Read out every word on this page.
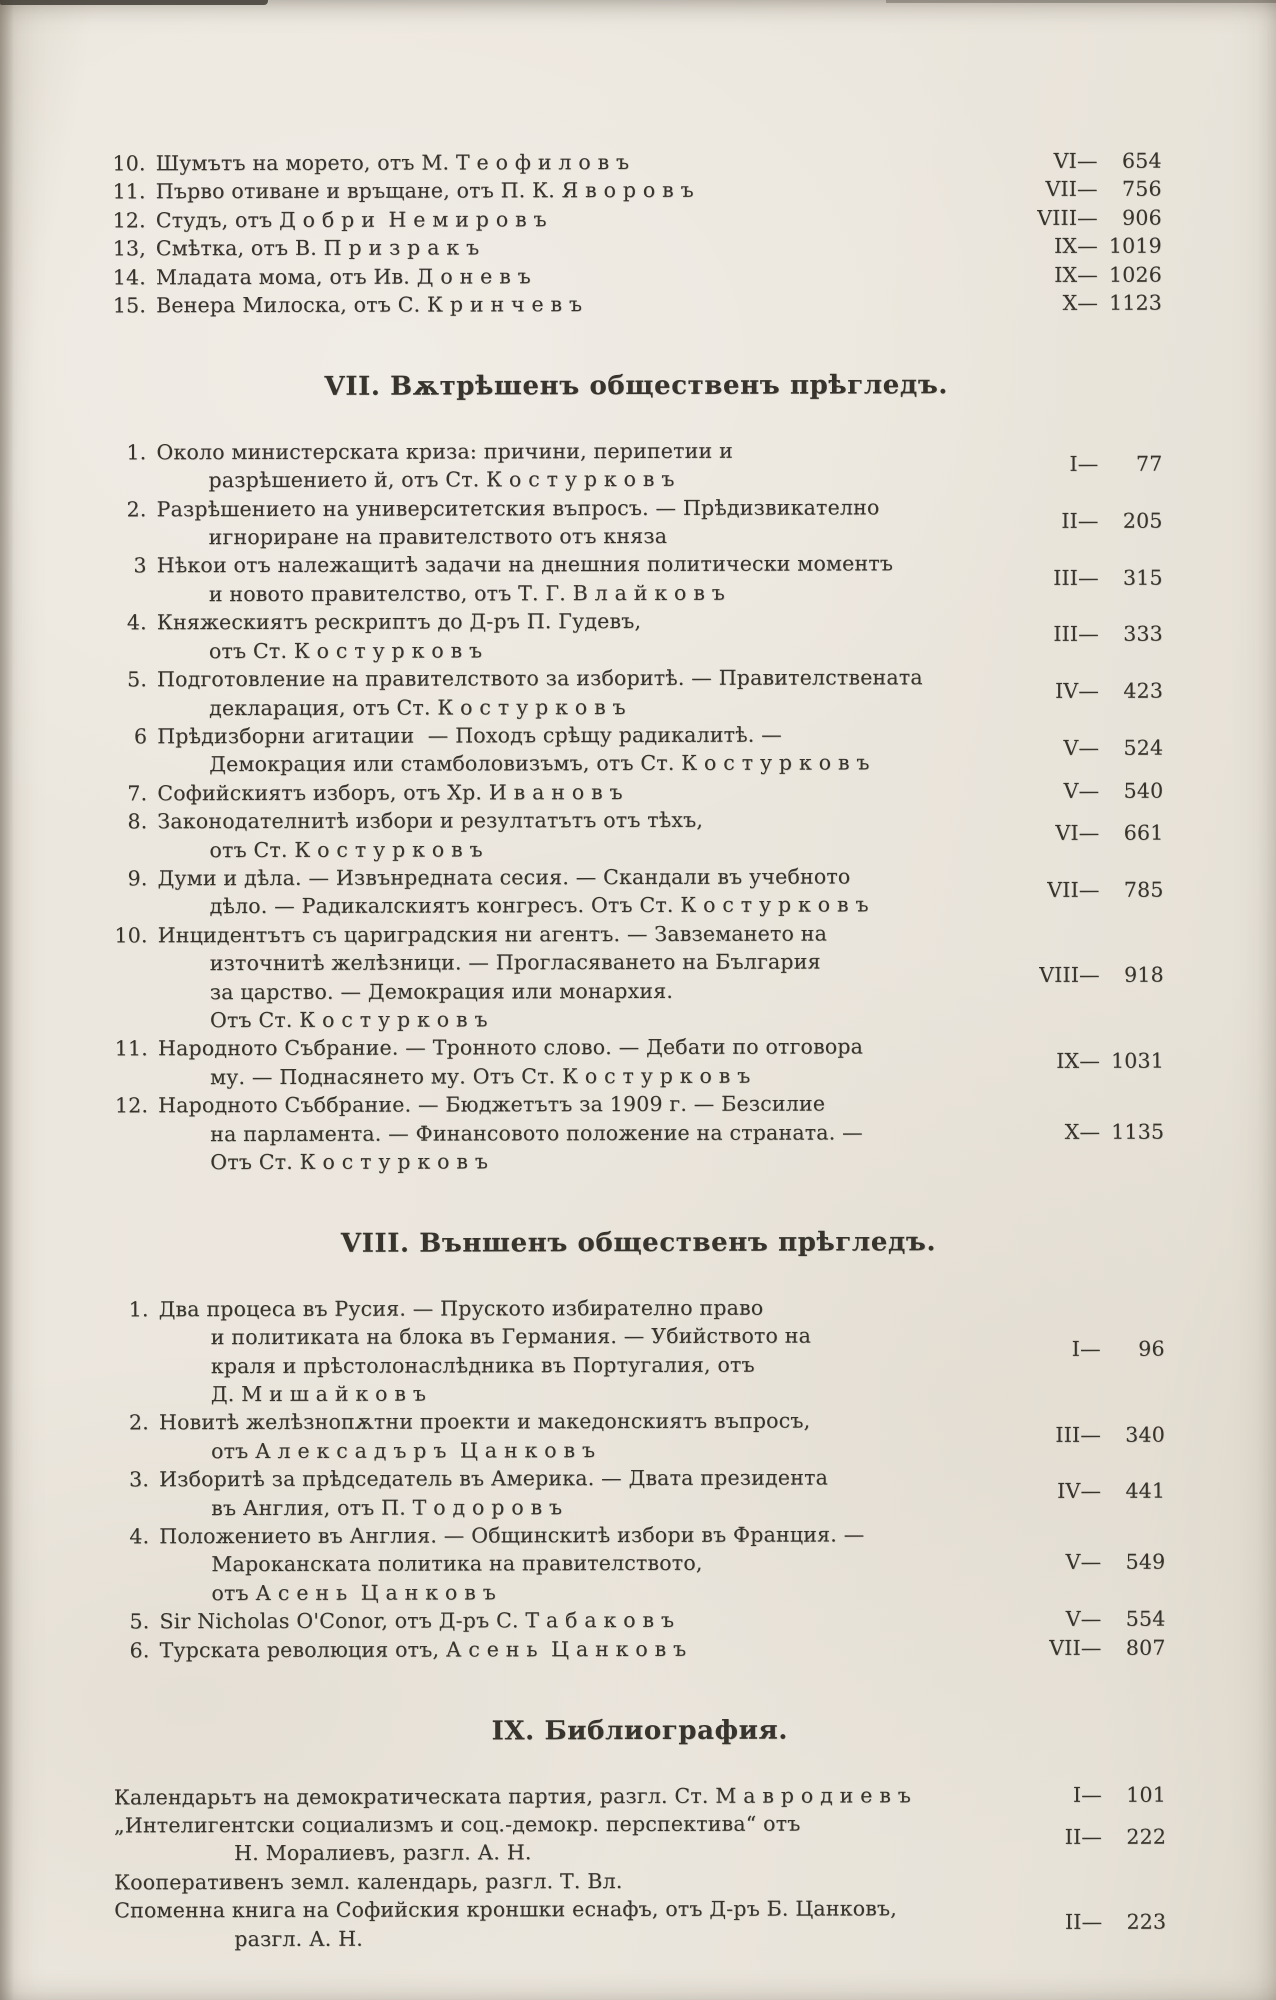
10. Шумътъ на морето, отъ М. Т е о ф и л о в ъ	VI—	654
11. Първо отиване и връщане, отъ П. К. Я в о р о в ъ	VII—	756
12. Студъ, отъ Д о б р и  Н е м и р о в ъ	VIII—	906
13, Смѣтка, отъ В. П р и з р а к ъ	IX— 1019
14. Младата мома, отъ Ив. Д о н е в ъ	IX— 1026
15. Венера Милоска, отъ С. К р и н ч е в ъ	X— 1123
VII. Вѫтрѣшенъ общественъ прѣгледъ.
1. Около министерската криза: причини, перипетии и
разрѣшението й, отъ Ст. К о с т у р к о в ъ
I—	77
2. Разрѣшението на университетския въпросъ. — Прѣдизвикателно
игнориране на правителството отъ княза
II—	205
3 Нѣкои отъ належащитѣ задачи на днешния политически моментъ
и новото правителство, отъ Т. Г. В л а й к о в ъ
III—	315
4. Княжескиятъ рескриптъ до Д-ръ П. Гудевъ,
отъ Ст. К о с т у р к о в ъ
III—	333
5. Подготовление на правителството за изборитѣ. — Правителствената
декларация, отъ Ст. К о с т у р к о в ъ
IV—	423
6 Прѣдизборни агитации  — Походъ срѣщу радикалитѣ. —
Демокрация или стамболовизъмъ, отъ Ст. К о с т у р к о в ъ
V—	524
7. Софийскиятъ изборъ, отъ Хр. И в а н о в ъ	V—	540
8. Законодателнитѣ избори и резултатътъ отъ тѣхъ,
отъ Ст. К о с т у р к о в ъ
VI—	661
9. Думи и дѣла. — Извънредната сесия. — Скандали въ учебното
дѣло. — Радикалскиятъ конгресъ. Отъ Ст. К о с т у р к о в ъ
VII—	785
10. Инцидентътъ съ цариградския ни агентъ. — Завземането на
източнитѣ желѣзници. — Прогласяването на България
за царство. — Демокрация или монархия.
Отъ Ст. К о с т у р к о в ъ
VIII—	918
11. Народното Събрание. — Тронното слово. — Дебати по отговора
му. — Поднасянето му. Отъ Ст. К о с т у р к о в ъ
IX— 1031
12. Народното Съббрание. — Бюджетътъ за 1909 г. — Безсилие
на парламента. — Финансовото положение на страната. —
Отъ Ст. К о с т у р к о в ъ
X— 1135
VIII. Външенъ общественъ прѣгледъ.
1. Два процеса въ Русия. — Пруското избирателно право
и политиката на блока въ Германия. — Убийството на
краля и прѣстолонаслѣдника въ Португалия, отъ
Д. М и ш а й к о в ъ
I—	96
2. Новитѣ желѣзнопѫтни проекти и македонскиятъ въпросъ,
отъ А л е к с а д ъ р ъ  Ц а н к о в ъ
III—	340
3. Изборитѣ за прѣдседатель въ Америка. — Двата президента
въ Англия, отъ П. Т о д о р о в ъ
IV—	441
4. Положението въ Англия. — Общинскитѣ избори въ Франция. —
Мароканската политика на правителството,
отъ А с е н ь  Ц а н к о в ъ
V—	549
5. Sir Nicholas O'Conor, отъ Д-ръ С. Т а б а к о в ъ	V—	554
6. Турската революция отъ, А с е н ь  Ц а н к о в ъ	VII—	807
IX. Библиография.
Календарьтъ на демократическата партия, разгл. Ст. М а в р о д и е в ъ	I—	101
„Интелигентски социализмъ и соц.-демокр. перспектива“ отъ
Н. Моралиевъ, разгл. А. Н.
II—	222
Кооперативенъ земл. календарь, разгл. Т. Вл.
Споменна книга на Софийския кроншки еснафъ, отъ Д-ръ Б. Цанковъ,
разгл. А. Н.
II—	223
